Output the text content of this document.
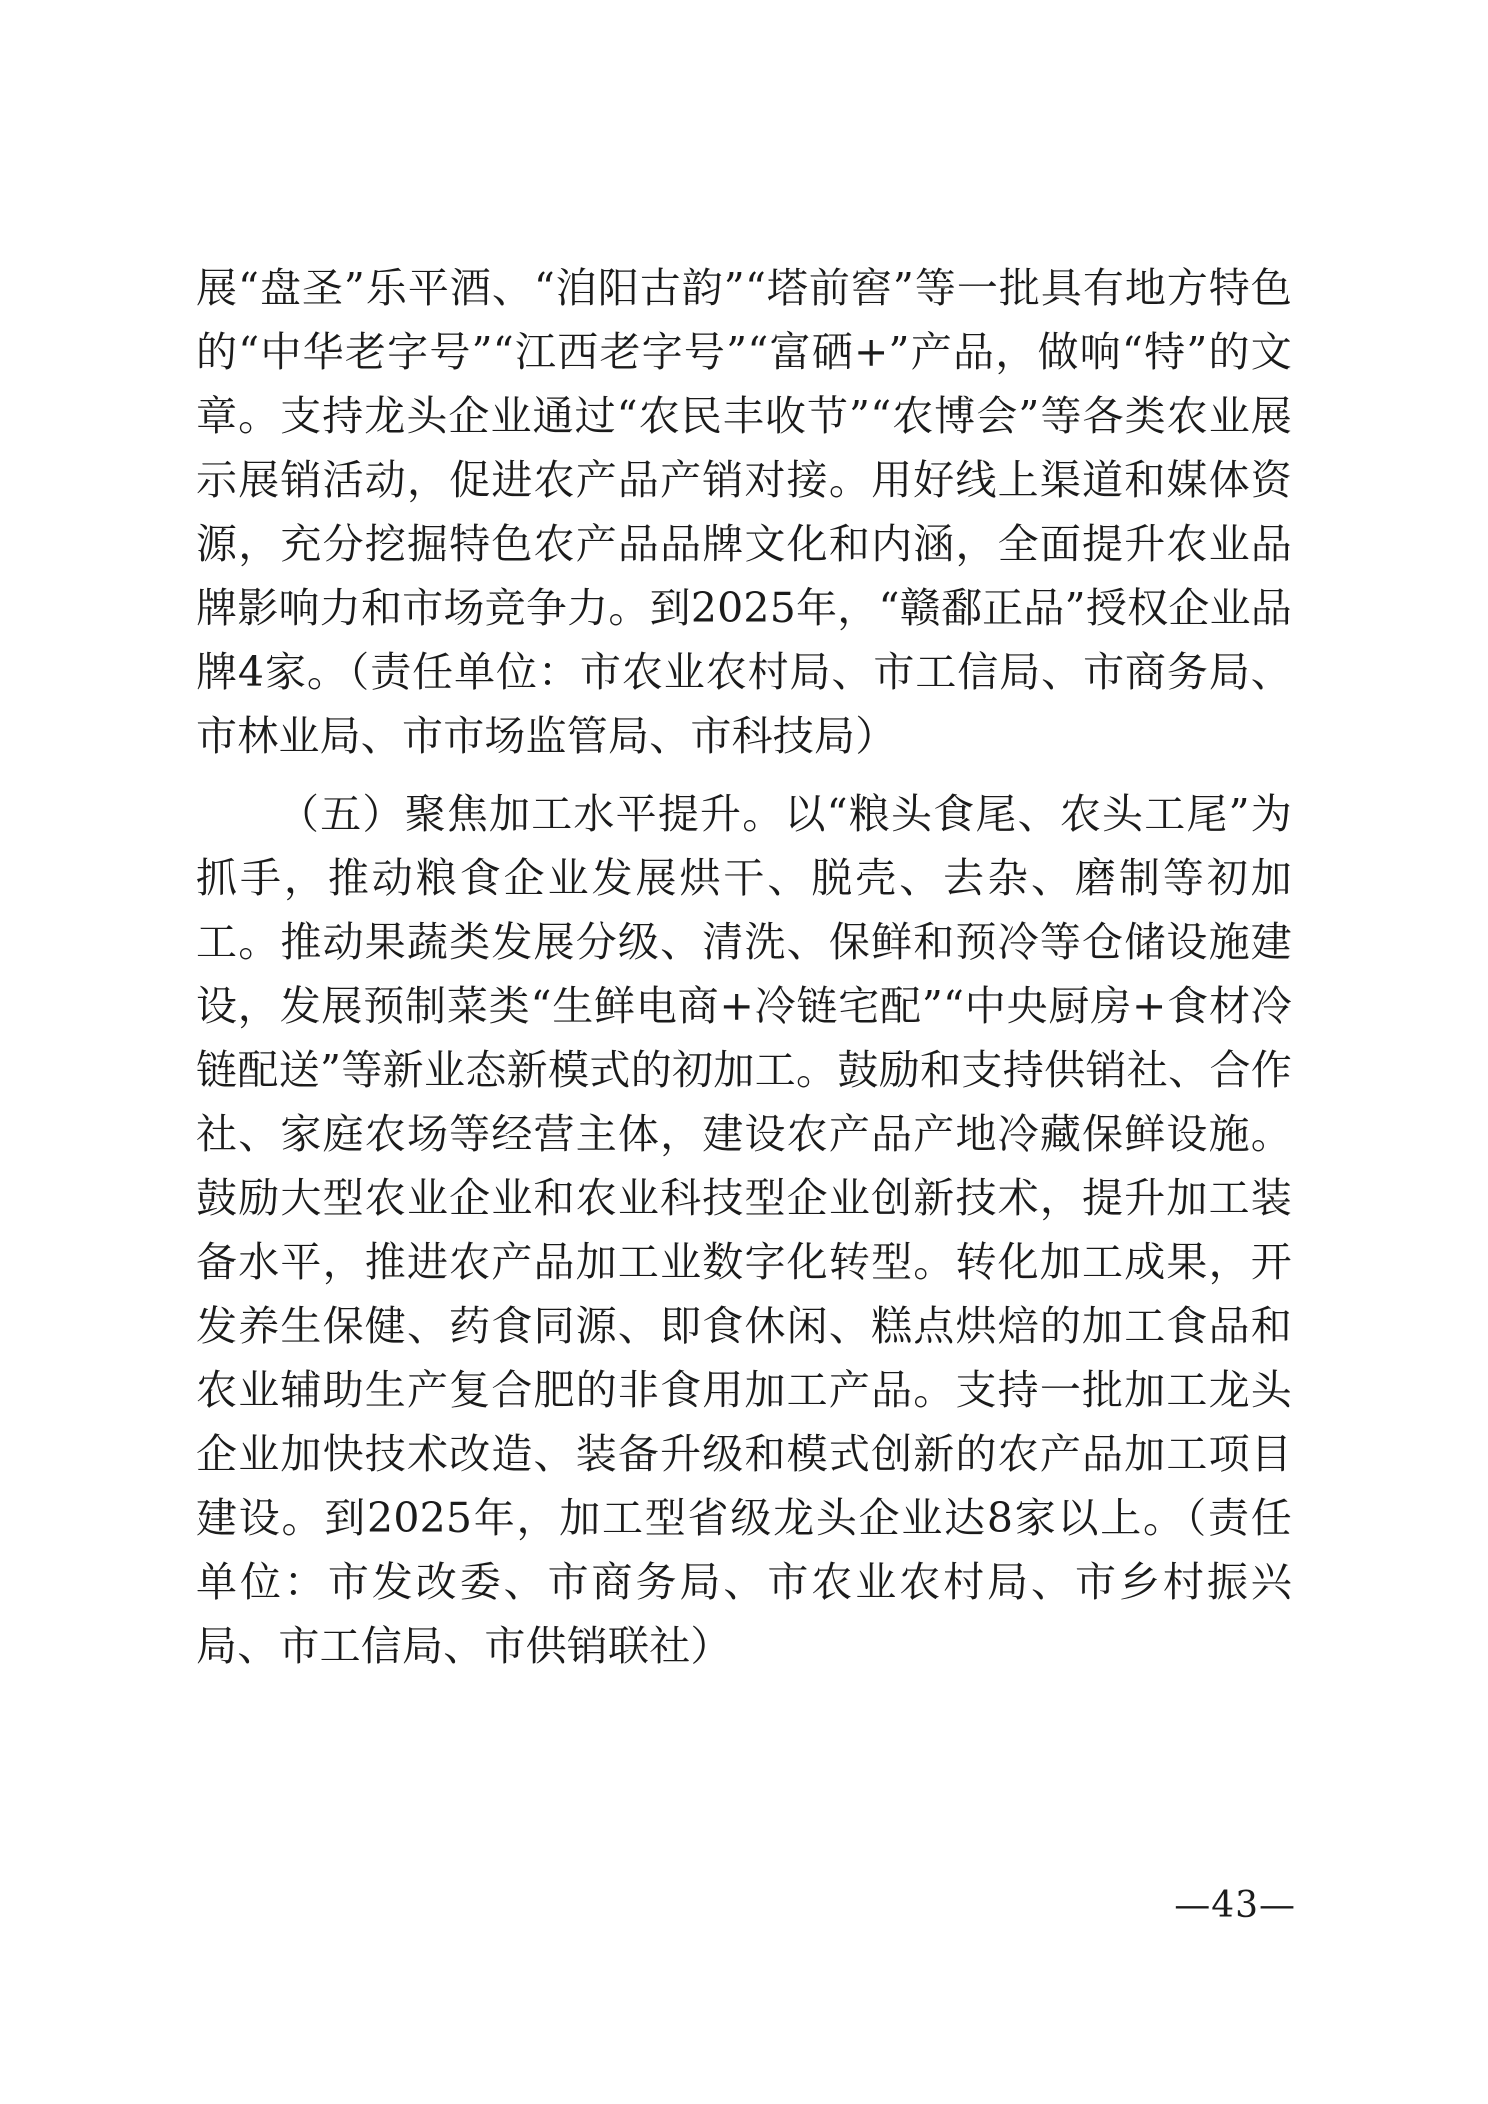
展“盘圣”乐平酒、“洎阳古韵”“塔前窖”等一批具有地方特色的“中华老字号”“江西老字号”“富硒+”产品，做响“特”的文章。支持龙头企业通过“农民丰收节”“农博会”等各类农业展示展销活动，促进农产品产销对接。用好线上渠道和媒体资源，充分挖掘特色农产品品牌文化和内涵，全面提升农业品牌影响力和市场竞争力。到2025年，“赣鄱正品”授权企业品牌4家。（责任单位：市农业农村局、市工信局、市商务局、市林业局、市市场监管局、市科技局）

（五）聚焦加工水平提升。以“粮头食尾、农头工尾”为抓手，推动粮食企业发展烘干、脱壳、去杂、磨制等初加工。推动果蔬类发展分级、清洗、保鲜和预冷等仓储设施建设，发展预制菜类“生鲜电商+冷链宅配”“中央厨房+食材冷链配送”等新业态新模式的初加工。鼓励和支持供销社、合作社、家庭农场等经营主体，建设农产品产地冷藏保鲜设施。鼓励大型农业企业和农业科技型企业创新技术，提升加工装备水平，推进农产品加工业数字化转型。转化加工成果，开发养生保健、药食同源、即食休闲、糕点烘焙的加工食品和农业辅助生产复合肥的非食用加工产品。支持一批加工龙头企业加快技术改造、装备升级和模式创新的农产品加工项目建设。到2025年，加工型省级龙头企业达8家以上。（责任单位：市发改委、市商务局、市农业农村局、市乡村振兴局、市工信局、市供销联社）

—43—
